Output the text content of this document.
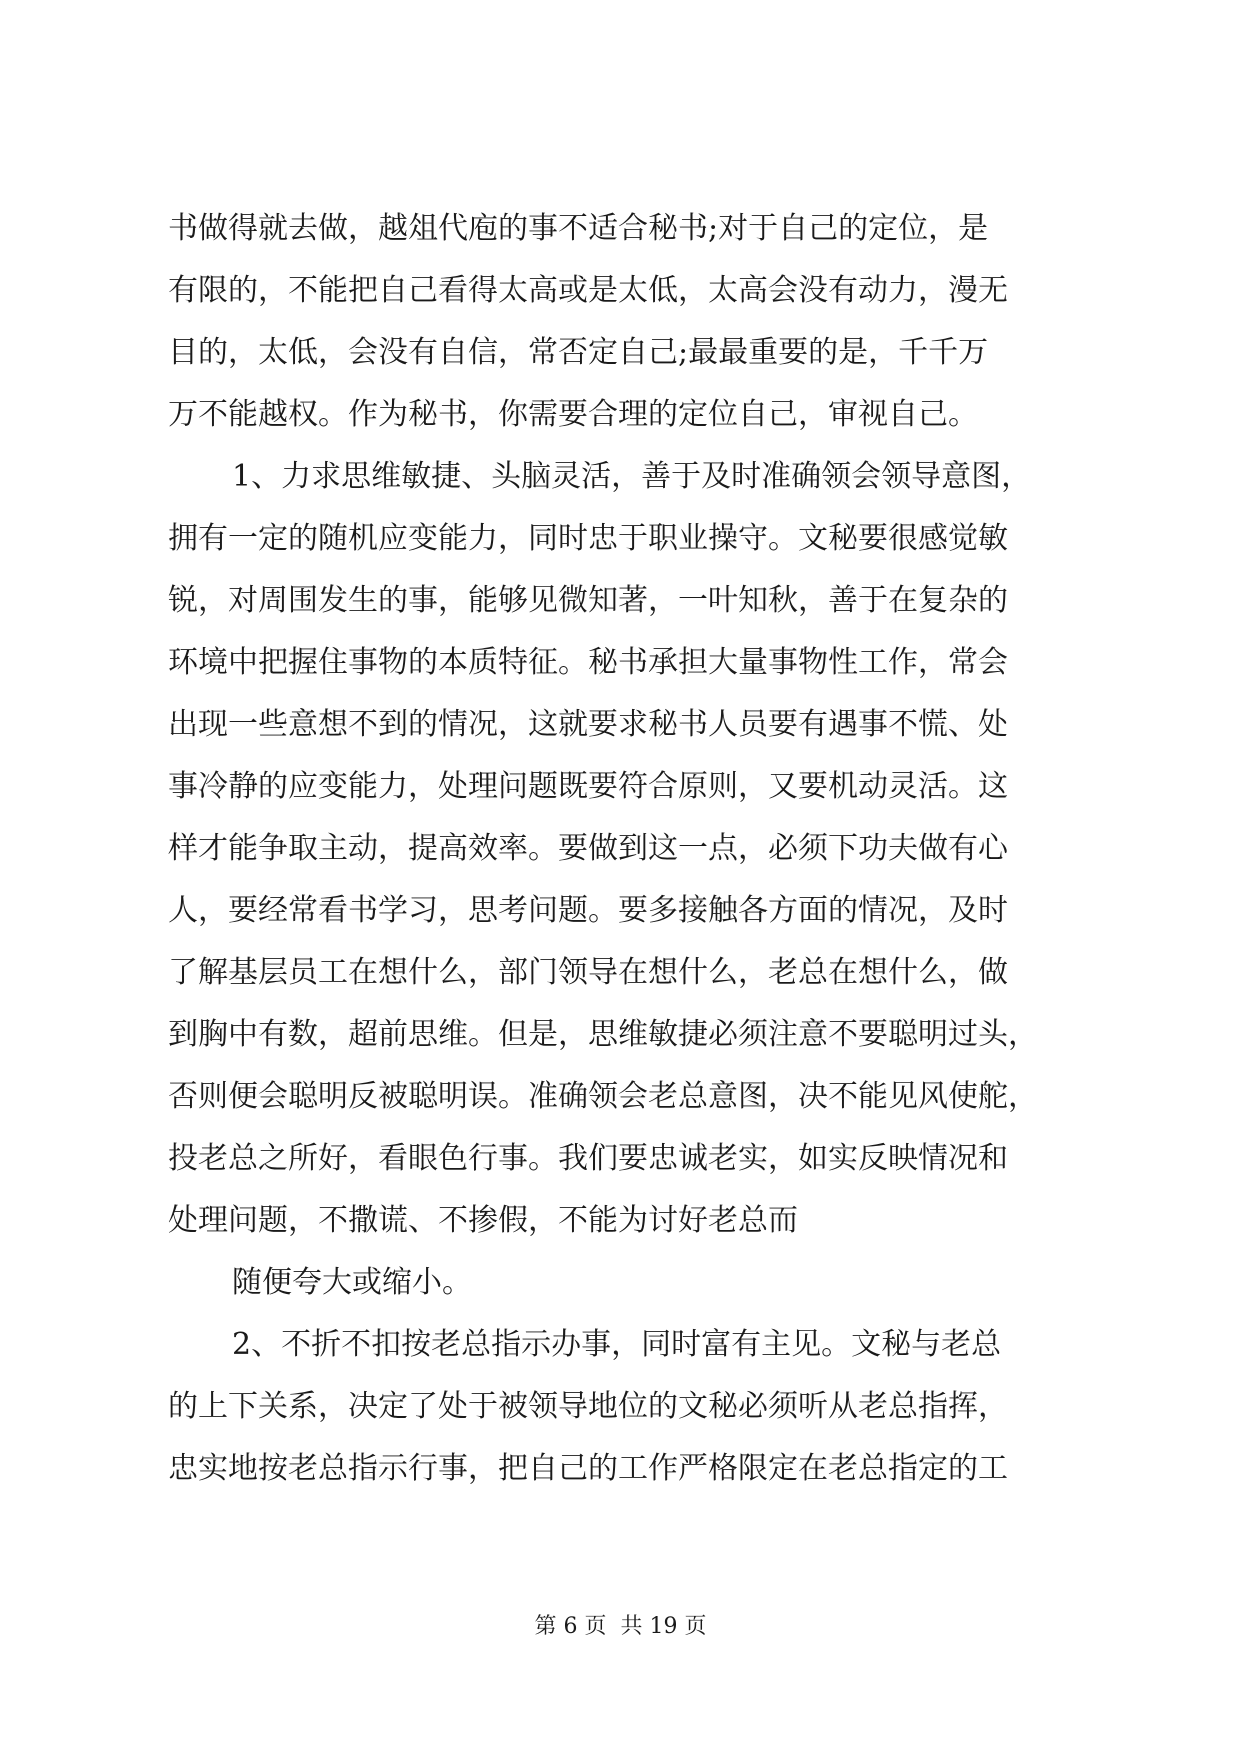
书做得就去做，越俎代庖的事不适合秘书;对于自己的定位，是
有限的，不能把自己看得太高或是太低，太高会没有动力，漫无
目的，太低，会没有自信，常否定自己;最最重要的是，千千万
万不能越权。作为秘书，你需要合理的定位自己，审视自己。
1、力求思维敏捷、头脑灵活，善于及时准确领会领导意图，
拥有一定的随机应变能力，同时忠于职业操守。文秘要很感觉敏
锐，对周围发生的事，能够见微知著，一叶知秋，善于在复杂的
环境中把握住事物的本质特征。秘书承担大量事物性工作，常会
出现一些意想不到的情况，这就要求秘书人员要有遇事不慌、处
事冷静的应变能力，处理问题既要符合原则，又要机动灵活。这
样才能争取主动，提高效率。要做到这一点，必须下功夫做有心
人，要经常看书学习，思考问题。要多接触各方面的情况，及时
了解基层员工在想什么，部门领导在想什么，老总在想什么，做
到胸中有数，超前思维。但是，思维敏捷必须注意不要聪明过头，
否则便会聪明反被聪明误。准确领会老总意图，决不能见风使舵，
投老总之所好，看眼色行事。我们要忠诚老实，如实反映情况和
处理问题，不撒谎、不掺假，不能为讨好老总而
随便夸大或缩小。
2、不折不扣按老总指示办事，同时富有主见。文秘与老总
的上下关系，决定了处于被领导地位的文秘必须听从老总指挥，
忠实地按老总指示行事，把自己的工作严格限定在老总指定的工
第 6 页  共 19 页
